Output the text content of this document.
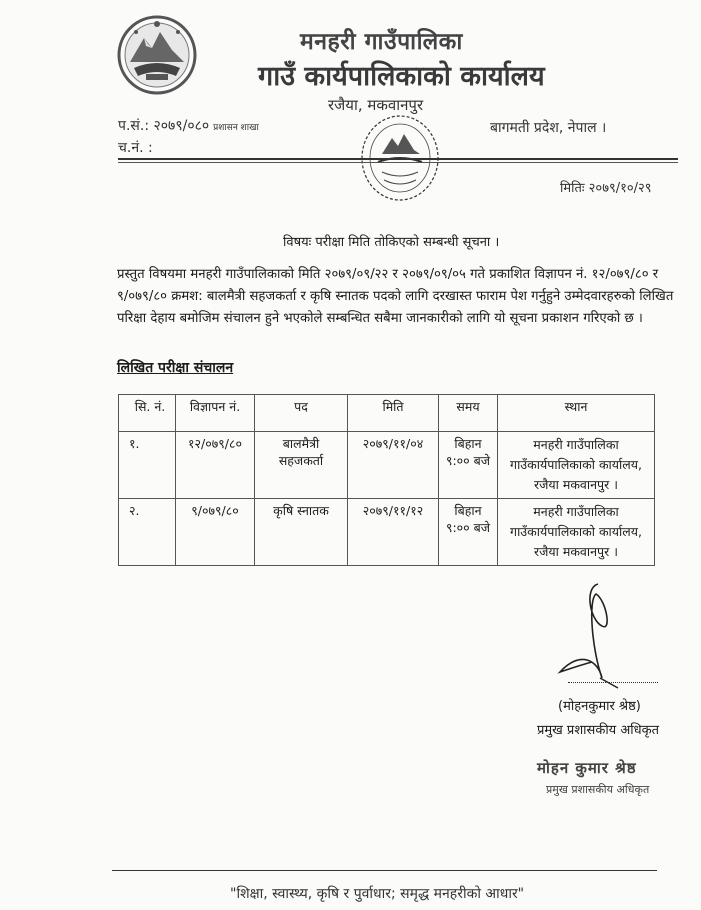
मनहरी गाउँपालिका
गाउँ कार्यपालिकाको कार्यालय
रजैया, मकवानपुर
प.सं.: २०७९/०८० प्रशासन शाखा
च.नं. :
बागमती प्रदेश, नेपाल ।
मितिः २०७९/१०/२९
विषयः परीक्षा मिति तोकिएको सम्बन्धी सूचना ।
प्रस्तुत विषयमा मनहरी गाउँपालिकाको मिति २०७९/०९/२२ र २०७९/०९/०५ गते प्रकाशित विज्ञापन नं. १२/०७९/८० र ९/०७९/८० क्रमश: बालमैत्री सहजकर्ता र कृषि स्नातक पदको लागि दरखास्त फाराम पेश गर्नुहुने उम्मेदवारहरुको लिखित परिक्षा देहाय बमोजिम संचालन हुने भएकोले सम्बन्धित सबैमा जानकारीको लागि यो सूचना प्रकाशन गरिएको छ ।
लिखित परीक्षा संचालन
सि. नं.	विज्ञापन नं.	पद	मिति	समय	स्थान
१.	१२/०७९/८०	बालमैत्री सहजकर्ता	२०७९/११/०४	बिहान ९:०० बजे	मनहरी गाउँपालिका गाउँकार्यपालिकाको कार्यालय, रजैया मकवानपुर ।
२.	९/०७९/८०	कृषि स्नातक	२०७९/११/१२	बिहान ९:०० बजे	मनहरी गाउँपालिका गाउँकार्यपालिकाको कार्यालय, रजैया मकवानपुर ।
(मोहनकुमार श्रेष्ठ)
प्रमुख प्रशासकीय अधिकृत
मोहन कुमार श्रेष्ठ
प्रमुख प्रशासकीय अधिकृत
"शिक्षा, स्वास्थ्य, कृषि र पुर्वाधार; समृद्ध मनहरीको आधार"
